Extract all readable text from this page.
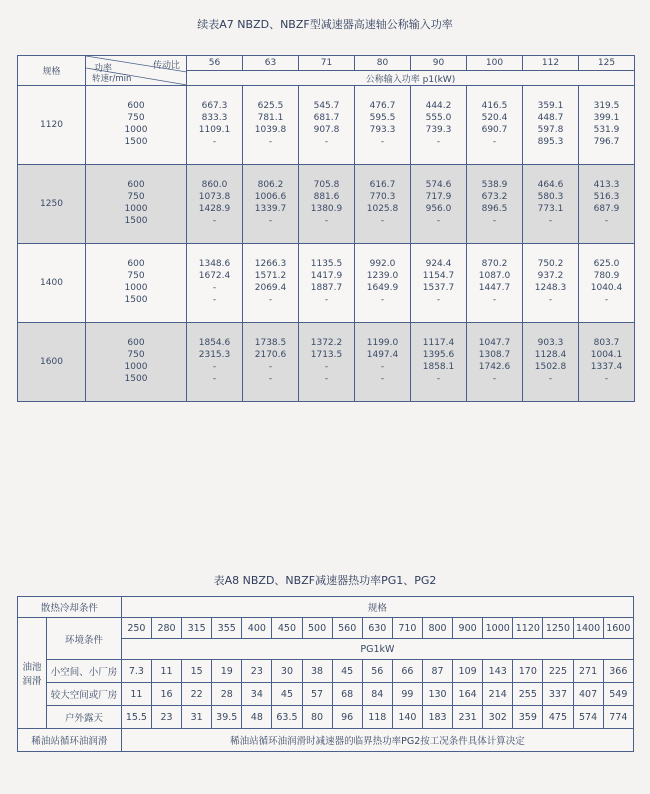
续表A7 NBZD、NBZF型减速器高速轴公称输入功率
规格	传动比
功率
转速r/min	56	63	71	80	90	100	112	125
		公称输入功率 p1(kW)							
1120	600
750
1000
1500	667.3
833.3
1109.1
-	625.5
781.1
1039.8
-	545.7
681.7
907.8
-	476.7
595.5
793.3
-	444.2
555.0
739.3
-	416.5
520.4
690.7
-	359.1
448.7
597.8
895.3	319.5
399.1
531.9
796.7

1250	600
750
1000
1500	860.0
1073.8
1428.9
-	806.2
1006.6
1339.7
-	705.8
881.6
1380.9
-	616.7
770.3
1025.8
-	574.6
717.9
956.0
-	538.9
673.2
896.5
-	464.6
580.3
773.1
-	413.3
516.3
687.9
-

1400	600
750
1000
1500	1348.6
1672.4
-
-	1266.3
1571.2
2069.4
-	1135.5
1417.9
1887.7
-	992.0
1239.0
1649.9
-	924.4
1154.7
1537.7
-	870.2
1087.0
1447.7
-	750.2
937.2
1248.3
-	625.0
780.9
1040.4
-

1600	600
750
1000
1500	1854.6
2315.3
-
-	1738.5
2170.6
-
-	1372.2
1713.5
-
-	1199.0
1497.4
-
-	1117.4
1395.6
1858.1
-	1047.7
1308.7
1742.6
-	903.3
1128.4
1502.8
-	803.7
1004.1
1337.4
-
表A8 NBZD、NBZF减速器热功率PG1、PG2
散热冷却条件		规格																
油池
润滑	环境条件	250	280	315	355	400	450	500	560	630	710	800	900	1000	1120	1250	1400	1600
		PG1kW																
	小空间、小厂房	7.3	11	15	19	23	30	38	45	56	66	87	109	143	170	225	271	366
	较大空间或厂房	11	16	22	28	34	45	57	68	84	99	130	164	214	255	337	407	549
	户外露天	15.5	23	31	39.5	48	63.5	80	96	118	140	183	231	302	359	475	574	774
稀油站循环油润滑		稀油站循环油润滑时减速器的临界热功率PG2按工况条件具体计算决定																
